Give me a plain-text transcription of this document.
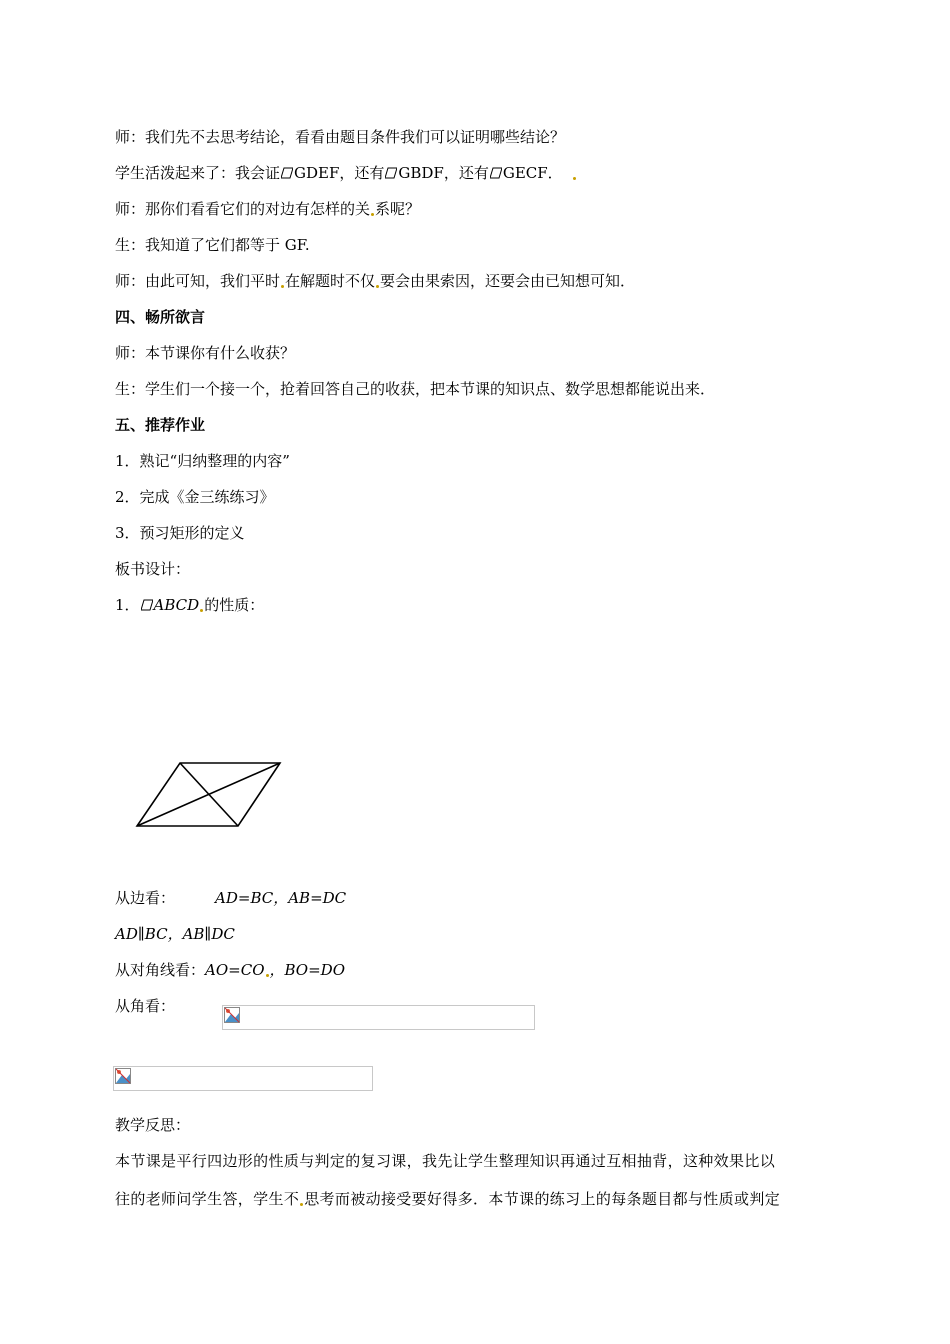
师：我们先不去思考结论，看看由题目条件我们可以证明哪些结论？
学生活泼起来了：我会证 GDEF，还有 GBDF，还有 GECF．
师：那你们看看它们的对边有怎样的关 系呢？
生：我知道了它们都等于 GF.
师：由此可知，我们平时 在解题时不仅 要会由果索因，还要会由已知想可知．
四、畅所欲言
师：本节课你有什么收获？
生：学生们一个接一个，抢着回答自己的收获，把本节课的知识点、数学思想都能说出来．
五、推荐作业
1．熟记“归纳整理的内容”
2．完成《金三练练习》
3．预习矩形的定义
板书设计：
1． ABCD 的性质：
从边看：	AD=BC，AB=DC
AD∥BC，AB∥DC
从对角线看：AO=CO ，BO=DO
从角看：
教学反思：
本节课是平行四边形的性质与判定的复习课，我先让学生整理知识再通过互相抽背，这种效果比以
往的老师问学生答，学生不 思考而被动接受要好得多．本节课的练习上的每条题目都与性质或判定
